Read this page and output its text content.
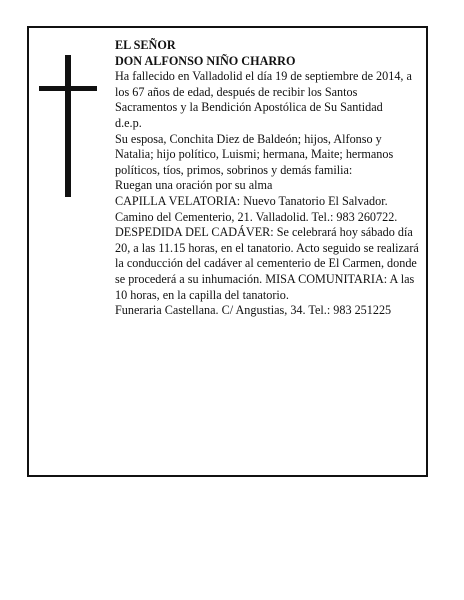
EL SEÑOR

DON ALFONSO NIÑO CHARRO

Ha fallecido en Valladolid el día 19 de septiembre de 2014, a los 67 años de edad, después de recibir los Santos Sacramentos y la Bendición Apostólica de Su Santidad

d.e.p.

Su esposa, Conchita Diez de Baldeón; hijos, Alfonso y Natalia; hijo político, Luismi; hermana, Maite; hermanos políticos, tíos, primos, sobrinos y demás familia:

Ruegan una oración por su alma

CAPILLA VELATORIA: Nuevo Tanatorio El Salvador. Camino del Cementerio, 21. Valladolid. Tel.: 983 260722.

DESPEDIDA DEL CADÁVER: Se celebrará hoy sábado día 20, a las 11.15 horas, en el tanatorio. Acto seguido se realizará la conducción del cadáver al cementerio de El Carmen, donde se procederá a su inhumación. MISA COMUNITARIA: A las 10 horas, en la capilla del tanatorio.

Funeraria Castellana. C/ Angustias, 34. Tel.: 983 251225
